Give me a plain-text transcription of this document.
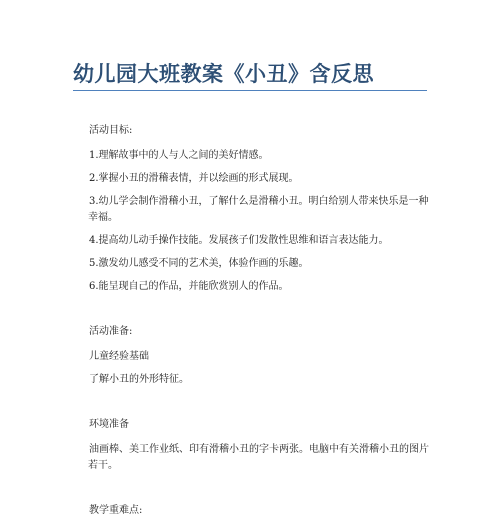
幼儿园大班教案《小丑》含反思

活动目标:

1.理解故事中的人与人之间的美好情感。

2.掌握小丑的滑稽表情，并以绘画的形式展现。

3.幼儿学会制作滑稽小丑，了解什么是滑稽小丑。明白给别人带来快乐是一种
幸福。

4.提高幼儿动手操作技能。发展孩子们发散性思维和语言表达能力。

5.激发幼儿感受不同的艺术美，体验作画的乐趣。

6.能呈现自己的作品，并能欣赏别人的作品。

活动准备:

儿童经验基础

了解小丑的外形特征。

环境准备

油画棒、美工作业纸、印有滑稽小丑的字卡两张。电脑中有关滑稽小丑的图片
若干。

教学重难点:
